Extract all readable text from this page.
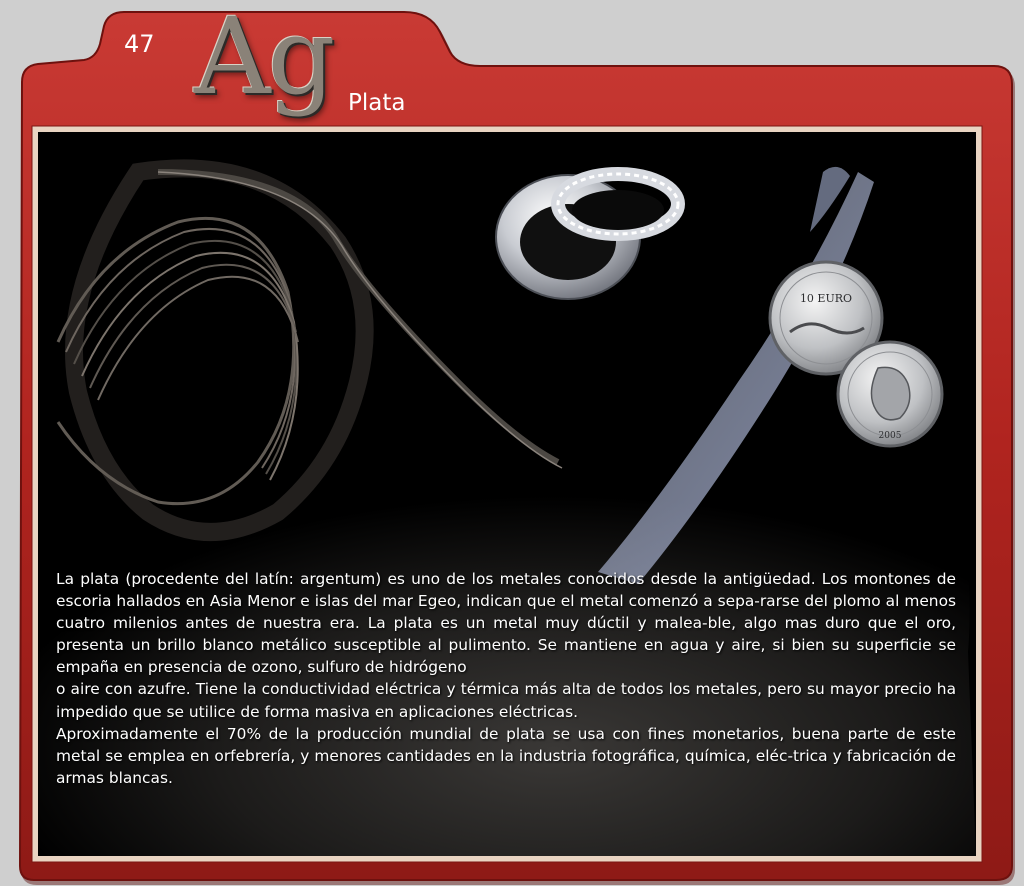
47 Ag Plata
10 EURO
2005

La plata (procedente del latín: argentum) es uno de los metales conocidos desde la antigüedad. Los montones de escoria hallados en Asia Menor e islas del mar Egeo, indican que el metal comenzó a sepa-rarse del plomo al menos cuatro milenios antes de nuestra era. La plata es un metal muy dúctil y malea-ble, algo mas duro que el oro, presenta un brillo blanco metálico susceptible al pulimento. Se mantiene en agua y aire, si bien su superficie se empaña en presencia de ozono, sulfuro de hidrógeno
o aire con azufre. Tiene la conductividad eléctrica y térmica más alta de todos los metales, pero su mayor precio ha impedido que se utilice de forma masiva en aplicaciones eléctricas.
Aproximadamente el 70% de la producción mundial de plata se usa con fines monetarios, buena parte de este metal se emplea en orfebrería, y menores cantidades en la industria fotográfica, química, eléc-trica y fabricación de armas blancas.
